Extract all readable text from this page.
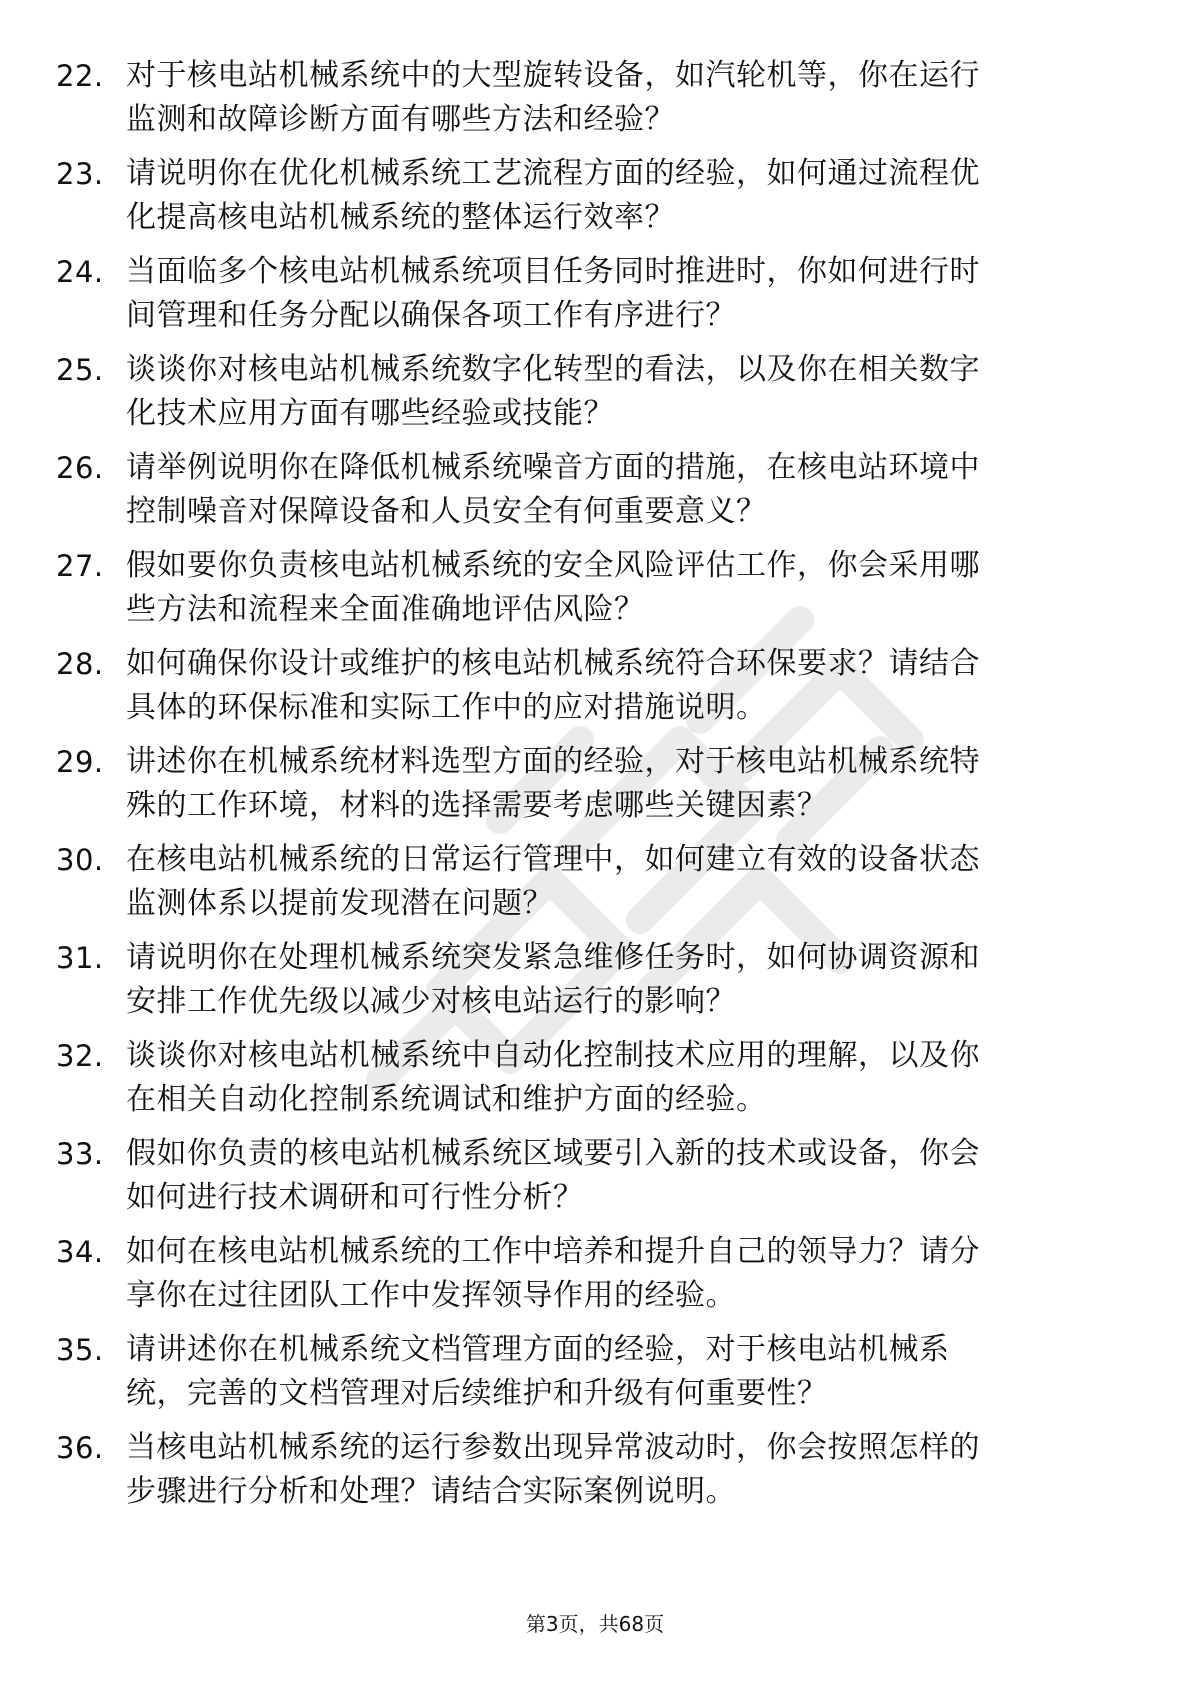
22. 对于核电站机械系统中的大型旋转设备，如汽轮机等，你在运行
监测和故障诊断方面有哪些方法和经验？
23. 请说明你在优化机械系统工艺流程方面的经验，如何通过流程优
化提高核电站机械系统的整体运行效率？
24. 当面临多个核电站机械系统项目任务同时推进时，你如何进行时
间管理和任务分配以确保各项工作有序进行？
25. 谈谈你对核电站机械系统数字化转型的看法，以及你在相关数字
化技术应用方面有哪些经验或技能？
26. 请举例说明你在降低机械系统噪音方面的措施，在核电站环境中
控制噪音对保障设备和人员安全有何重要意义？
27. 假如要你负责核电站机械系统的安全风险评估工作，你会采用哪
些方法和流程来全面准确地评估风险？
28. 如何确保你设计或维护的核电站机械系统符合环保要求？请结合
具体的环保标准和实际工作中的应对措施说明。
29. 讲述你在机械系统材料选型方面的经验，对于核电站机械系统特
殊的工作环境，材料的选择需要考虑哪些关键因素？
30. 在核电站机械系统的日常运行管理中，如何建立有效的设备状态
监测体系以提前发现潜在问题？
31. 请说明你在处理机械系统突发紧急维修任务时，如何协调资源和
安排工作优先级以减少对核电站运行的影响？
32. 谈谈你对核电站机械系统中自动化控制技术应用的理解，以及你
在相关自动化控制系统调试和维护方面的经验。
33. 假如你负责的核电站机械系统区域要引入新的技术或设备，你会
如何进行技术调研和可行性分析？
34. 如何在核电站机械系统的工作中培养和提升自己的领导力？请分
享你在过往团队工作中发挥领导作用的经验。
35. 请讲述你在机械系统文档管理方面的经验，对于核电站机械系
统，完善的文档管理对后续维护和升级有何重要性？
36. 当核电站机械系统的运行参数出现异常波动时，你会按照怎样的
步骤进行分析和处理？请结合实际案例说明。
第3页，共68页
